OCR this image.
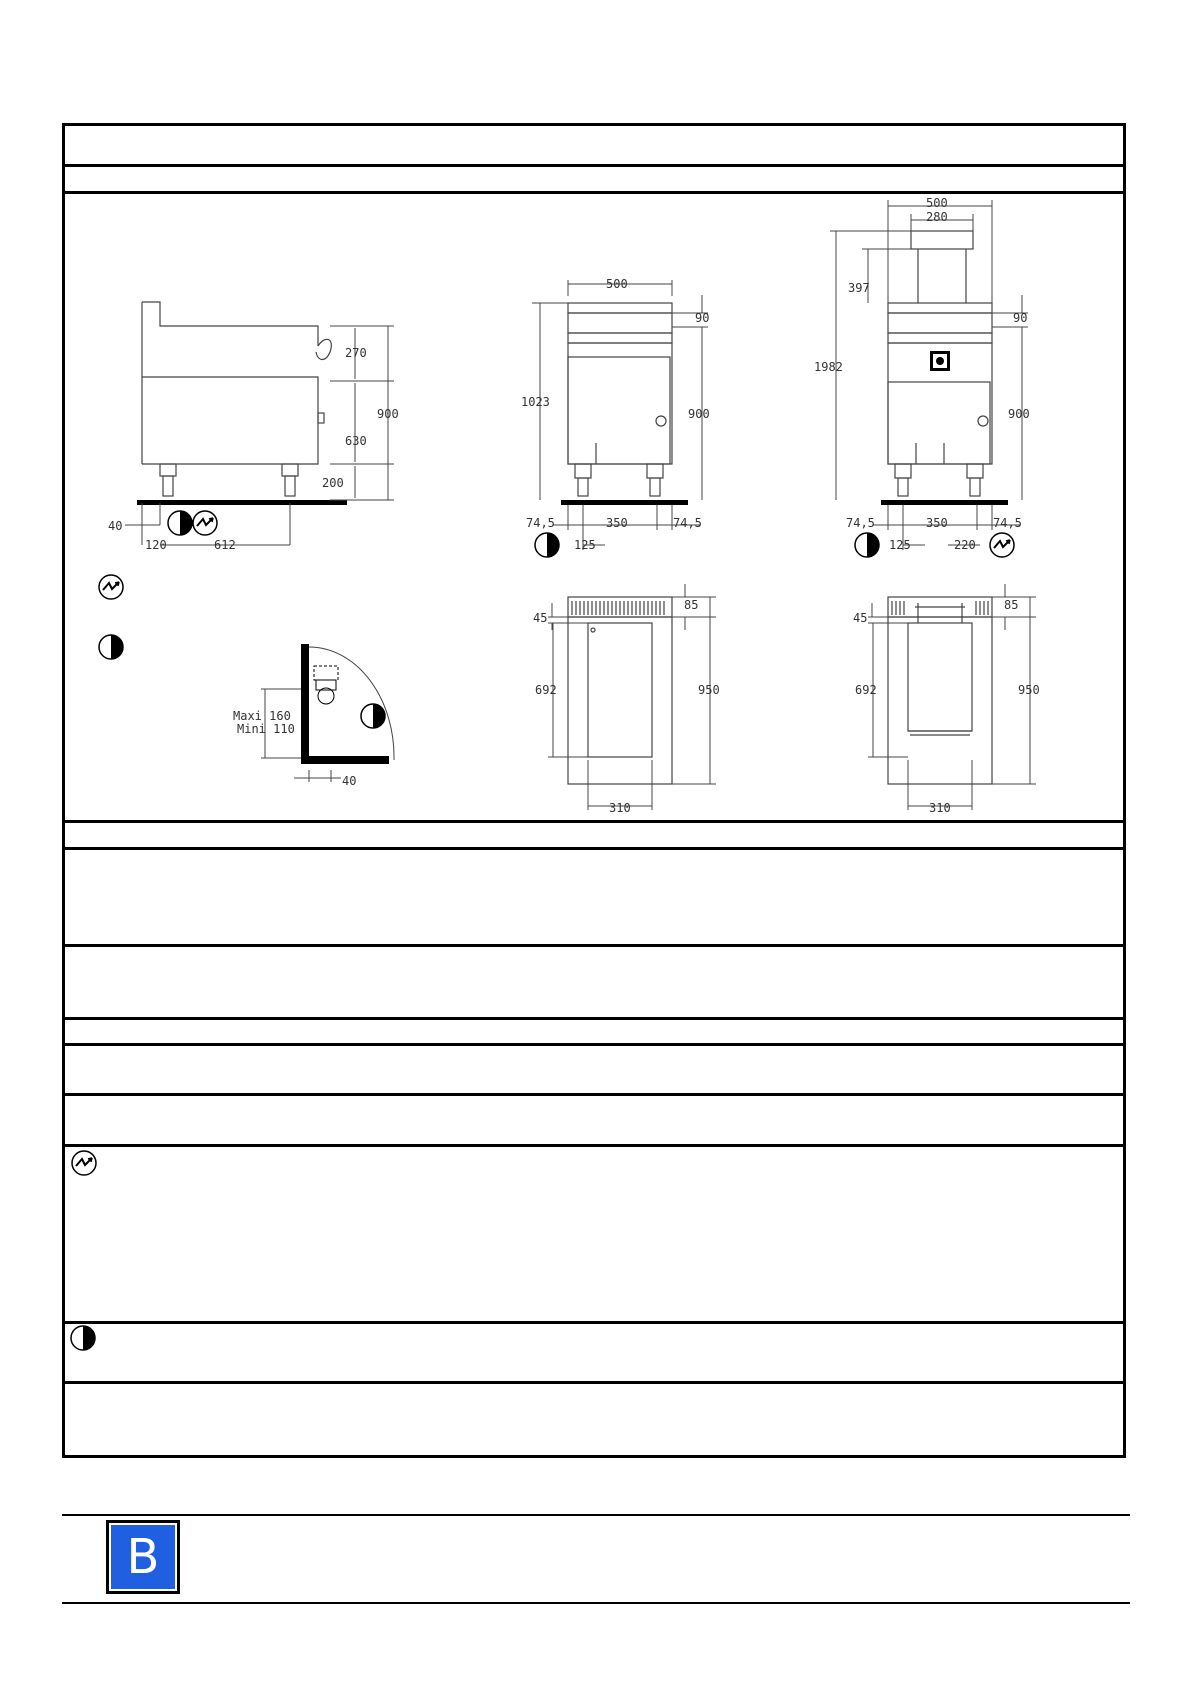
270
900
630
200
40
120	612
Maxi 160
Mini 110
40
500
90
1023
900
74,5	350	74,5
125
500
280
397
90
1982
900
74,5	350	74,5
125	220
85
45
692	950
310
85
45
692	950
310
B
